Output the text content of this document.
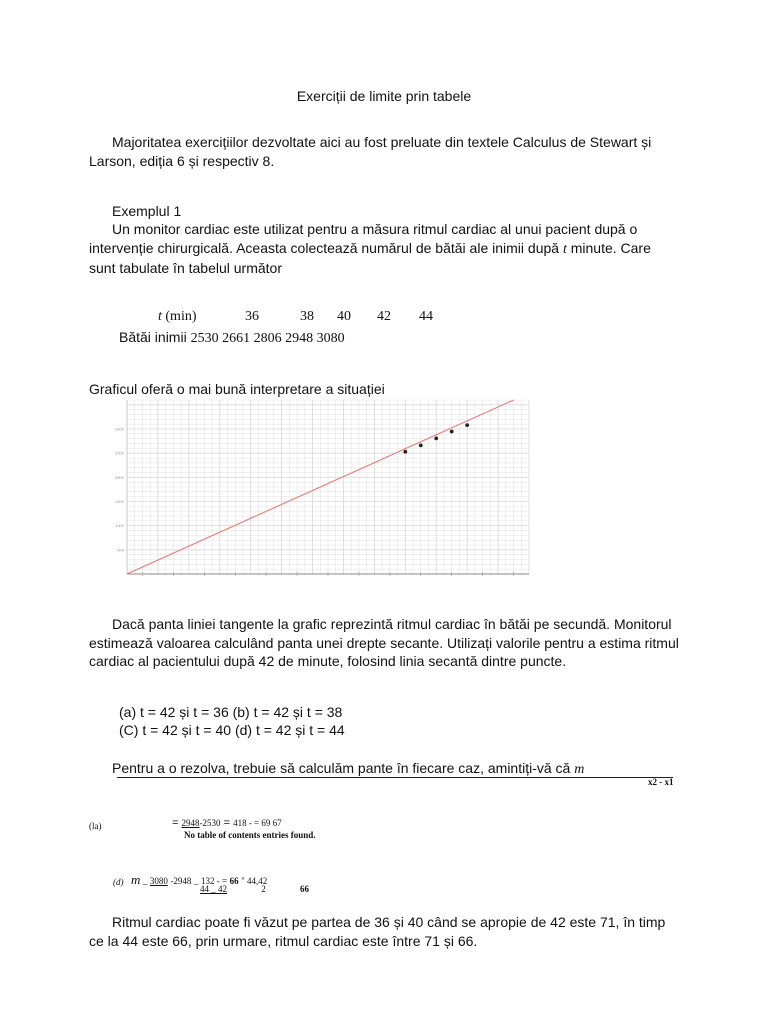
Exerciții de limite prin tabele
Majoritatea exercițiilor dezvoltate aici au fost preluate din textele Calculus de Stewart și Larson, ediția 6 și respectiv 8.
Exemplul 1
Un monitor cardiac este utilizat pentru a măsura ritmul cardiac al unui pacient după o intervenție chirurgicală. Aceasta colectează numărul de bătăi ale inimii după t minute. Care sunt tabulate în tabelul următor
t (min)	36	38 40 42 44
Bătăi inimii 2530 2661 2806 2948 3080
Graficul oferă o mai bună interpretare a situației
500
1000
1500
2000
2500
3000
Dacă panta liniei tangente la grafic reprezintă ritmul cardiac în bătăi pe secundă. Monitorul estimează valoarea calculând panta unei drepte secante. Utilizați valorile pentru a estima ritmul cardiac al pacientului după 42 de minute, folosind linia secantă dintre puncte.
(a) t = 42 și t = 36 (b) t = 42 și t = 38
(C) t = 42 și t = 40 (d) t = 42 și t = 44
Pentru a o rezolva, trebuie să calculăm pante în fiecare caz, amintiți-vă că m
x2 - x1
(la)	= 2948-2530 = 418 - = 69 67
No table of contents entries found.
(d) m _ 3080 -2948 _ 132 - = 66 " 44,42
44 _ 42	2	66
Ritmul cardiac poate fi văzut pe partea de 36 și 40 când se apropie de 42 este 71, în timp ce la 44 este 66, prin urmare, ritmul cardiac este între 71 și 66.
